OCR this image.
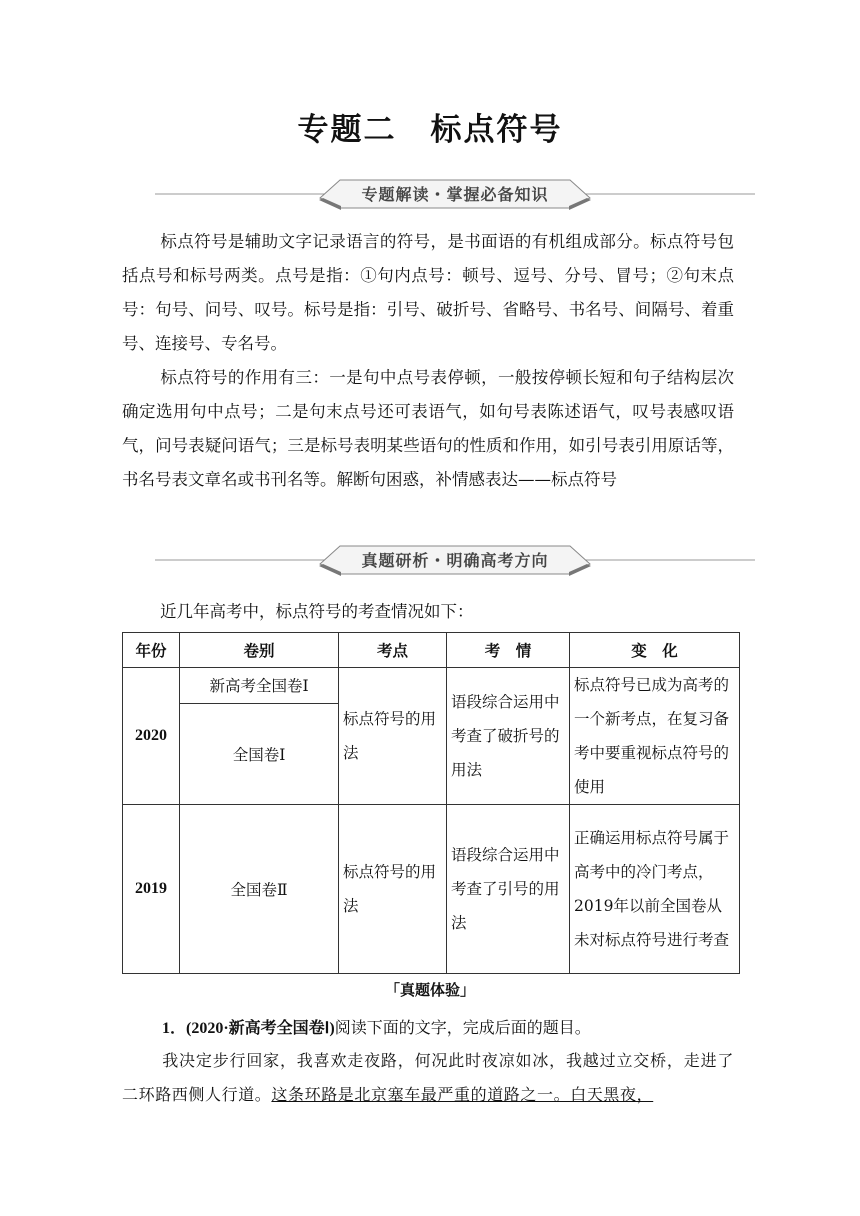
专题二 标点符号
专题解读・掌握必备知识
标点符号是辅助文字记录语言的符号，是书面语的有机组成部分。标点符号包括点号和标号两类。点号是指：①句内点号：顿号、逗号、分号、冒号；②句末点号：句号、问号、叹号。标号是指：引号、破折号、省略号、书名号、间隔号、着重号、连接号、专名号。
标点符号的作用有三：一是句中点号表停顿，一般按停顿长短和句子结构层次确定选用句中点号；二是句末点号还可表语气，如句号表陈述语气，叹号表感叹语气，问号表疑问语气；三是标号表明某些语句的性质和作用，如引号表引用原话等，书名号表文章名或书刊名等。解断句困惑，补情感表达——标点符号
真题研析・明确高考方向
近几年高考中，标点符号的考查情况如下：
年份	卷别	考点	考　情	变　化
2020	新高考全国卷Ⅰ	标点符号的用法	语段综合运用中考查了破折号的用法	标点符号已成为高考的一个新考点，在复习备考中要重视标点符号的使用
	全国卷Ⅰ			
2019	全国卷Ⅱ	标点符号的用法	语段综合运用中考查了引号的用法	正确运用标点符号属于高考中的冷门考点，2019年以前全国卷从未对标点符号进行考查
「真题体验」
1．(2020·新高考全国卷Ⅰ)阅读下面的文字，完成后面的题目。
我决定步行回家，我喜欢走夜路，何况此时夜凉如冰，我越过立交桥，走进了二环路西侧人行道。这条环路是北京塞车最严重的道路之一。白天黑夜，
